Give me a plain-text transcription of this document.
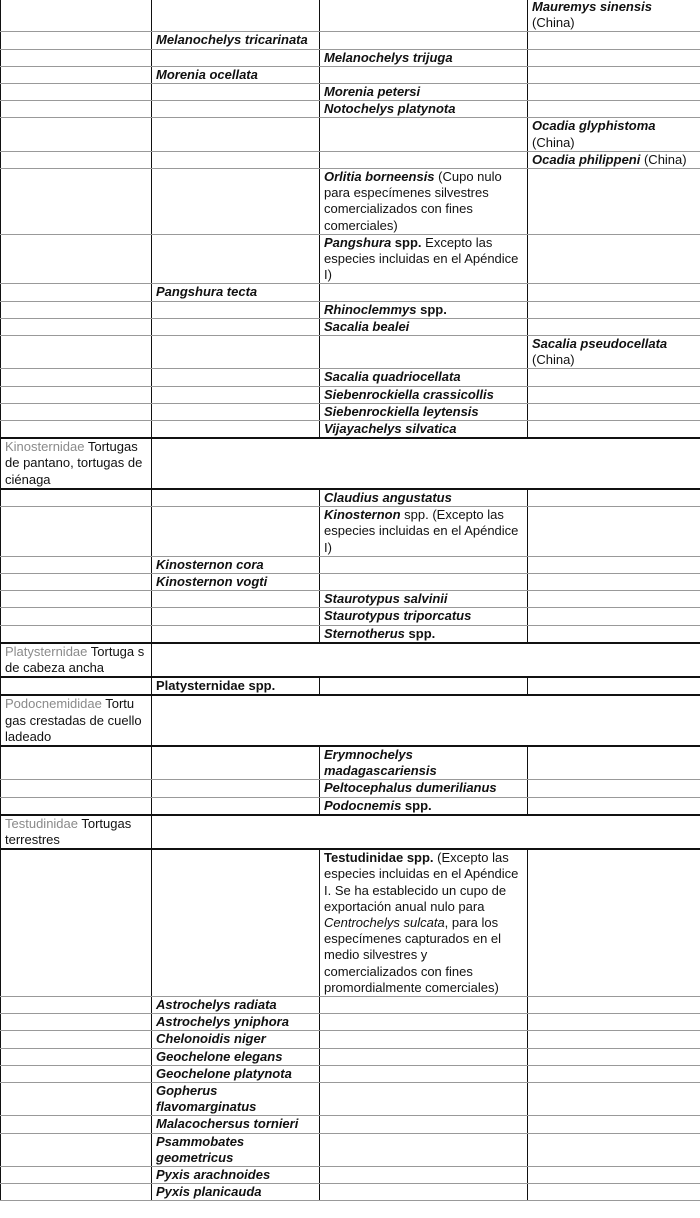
			Mauremys sinensis (China)
	Melanochelys tricarinata		
		Melanochelys trijuga	
	Morenia ocellata		
		Morenia petersi	
		Notochelys platynota	
			Ocadia glyphistoma (China)
			Ocadia philippeni (China)
		Orlitia borneensis (Cupo nulo para especímenes silvestres comercializados con fines comerciales)	
		Pangshura spp. Excepto las especies incluidas en el Apéndice I)	
	Pangshura tecta		
		Rhinoclemmys spp.	
		Sacalia bealei	
			Sacalia pseudocellata (China)
		Sacalia quadriocellata	
		Siebenrockiella crassicollis	
		Siebenrockiella leytensis	
		Vijayachelys silvatica	
Kinosternidae Tortugas de pantano, tortugas de ciénaga			
		Claudius angustatus	
		Kinosternon spp. (Excepto las especies incluidas en el Apéndice I)	
	Kinosternon cora		
	Kinosternon vogti		
		Staurotypus salvinii	
		Staurotypus triporcatus	
		Sternotherus spp.	
Platysternidae Tortuga s de cabeza ancha			
	Platysternidae spp.		
Podocnemididae Tortu gas crestadas de cuello ladeado			
		Erymnochelys madagascariensis	
		Peltocephalus dumerilianus	
		Podocnemis spp.	
Testudinidae Tortugas terrestres			
		Testudinidae spp. (Excepto las especies incluidas en el Apéndice I. Se ha establecido un cupo de exportación anual nulo para Centrochelys sulcata, para los especímenes capturados en el medio silvestres y comercializados con fines promordialmente comerciales)	
	Astrochelys radiata		
	Astrochelys yniphora		
	Chelonoidis niger		
	Geochelone elegans		
	Geochelone platynota		
	Gopherus flavomarginatus		
	Malacochersus tornieri		
	Psammobates geometricus		
	Pyxis arachnoides		
	Pyxis planicauda		
